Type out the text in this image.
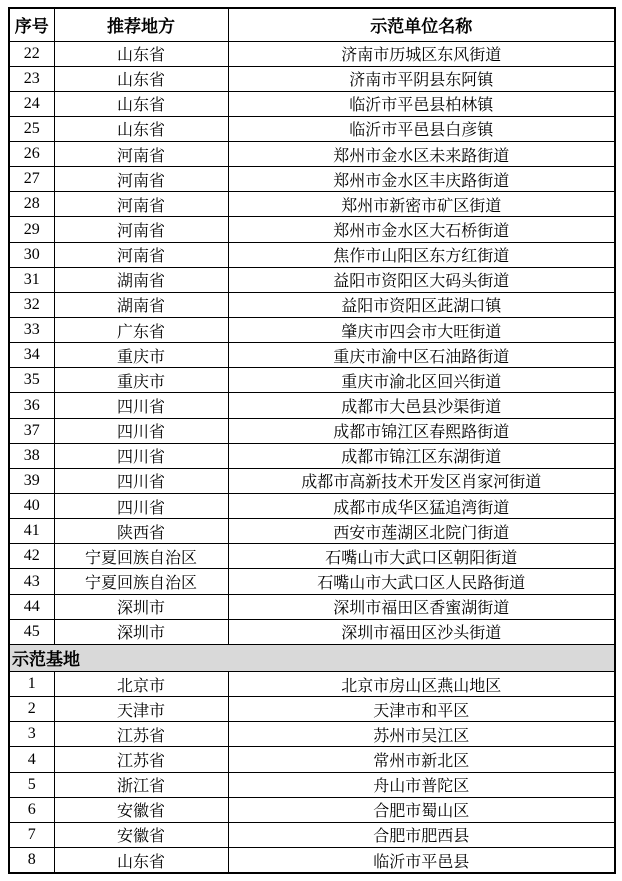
序号	推荐地方	示范单位名称
22	山东省	济南市历城区东风街道
23	山东省	济南市平阴县东阿镇
24	山东省	临沂市平邑县柏林镇
25	山东省	临沂市平邑县白彦镇
26	河南省	郑州市金水区未来路街道
27	河南省	郑州市金水区丰庆路街道
28	河南省	郑州市新密市矿区街道
29	河南省	郑州市金水区大石桥街道
30	河南省	焦作市山阳区东方红街道
31	湖南省	益阳市资阳区大码头街道
32	湖南省	益阳市资阳区茈湖口镇
33	广东省	肇庆市四会市大旺街道
34	重庆市	重庆市渝中区石油路街道
35	重庆市	重庆市渝北区回兴街道
36	四川省	成都市大邑县沙渠街道
37	四川省	成都市锦江区春熙路街道
38	四川省	成都市锦江区东湖街道
39	四川省	成都市高新技术开发区肖家河街道
40	四川省	成都市成华区猛追湾街道
41	陕西省	西安市莲湖区北院门街道
42	宁夏回族自治区	石嘴山市大武口区朝阳街道
43	宁夏回族自治区	石嘴山市大武口区人民路街道
44	深圳市	深圳市福田区香蜜湖街道
45	深圳市	深圳市福田区沙头街道
示范基地		
1	北京市	北京市房山区燕山地区
2	天津市	天津市和平区
3	江苏省	苏州市吴江区
4	江苏省	常州市新北区
5	浙江省	舟山市普陀区
6	安徽省	合肥市蜀山区
7	安徽省	合肥市肥西县
8	山东省	临沂市平邑县
